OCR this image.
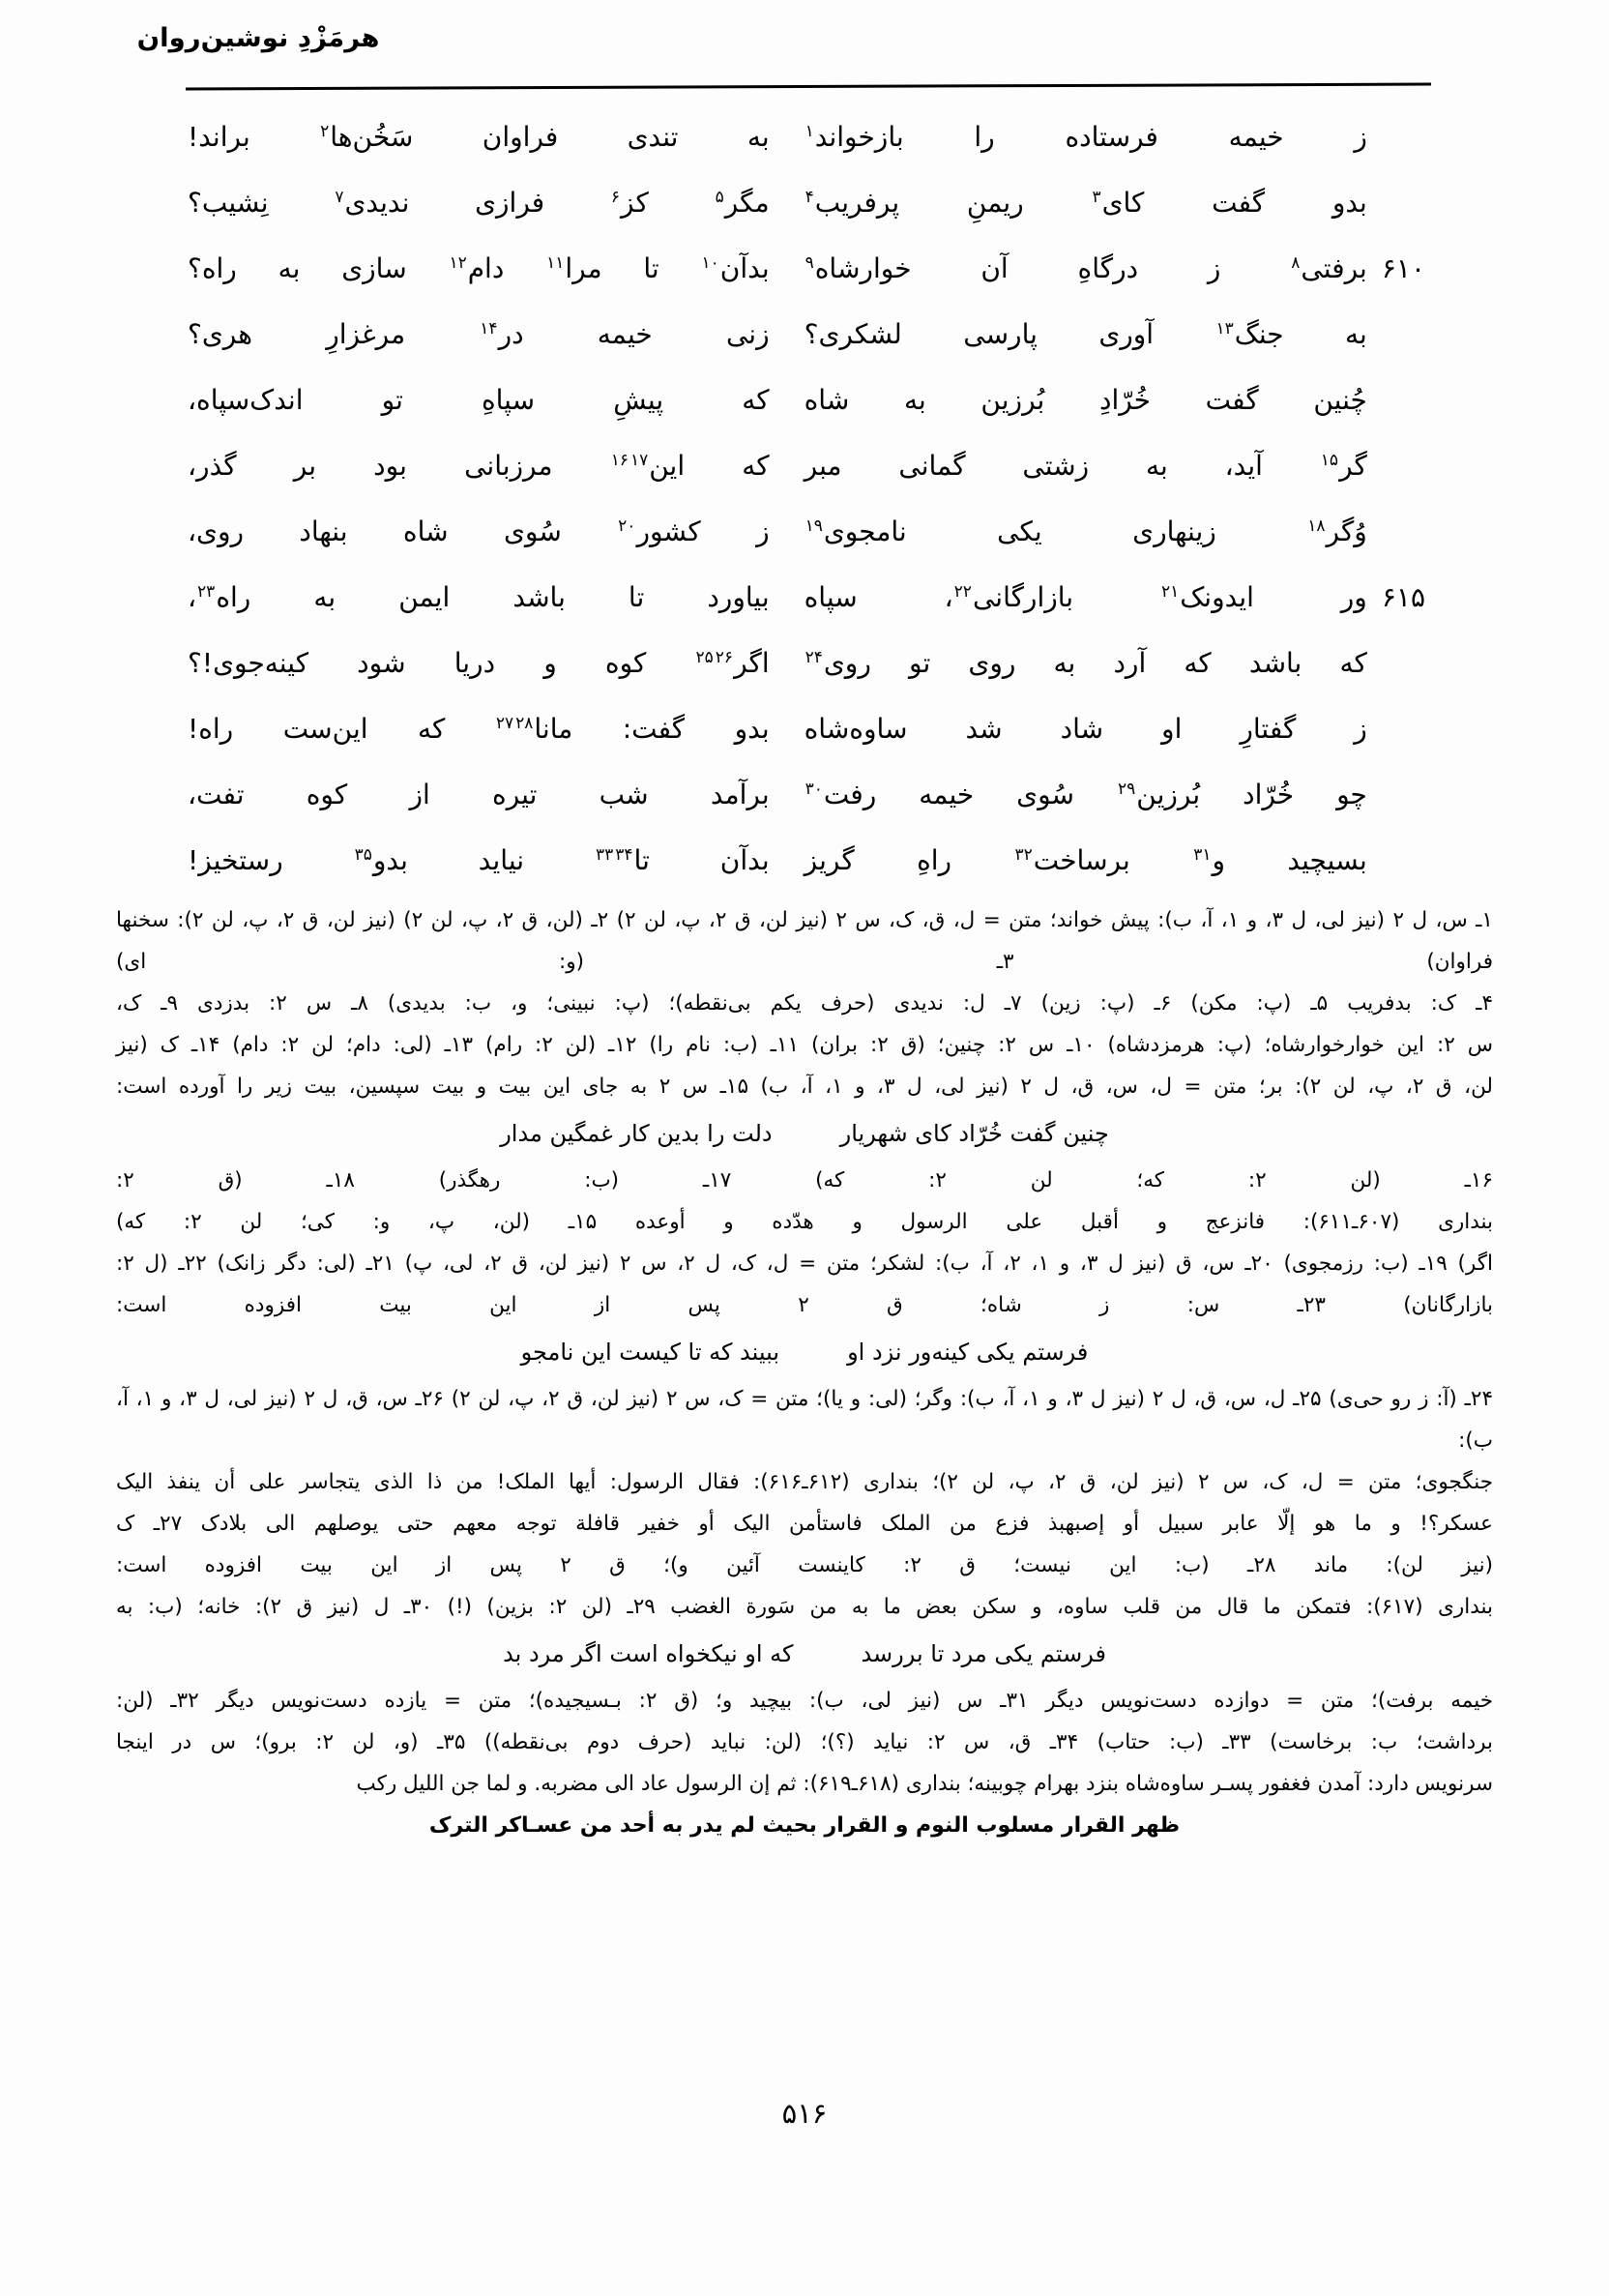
هرمَزْدِ نوشین‌روان
ز خیمه فرستاده را بازخواند$^۱$
به تندی فراوان سَخُن‌ها$^۲$ براند!
بدو گفت کای$^۳$ ریمنِ پرفریب$^۴$
مگر$^۵$ کز$^۶$ فرازی ندیدی$^۷$ نِشیب؟
۶۱۰
برفتی$^۸$ ز درگاهِ آن خوارشاه$^۹$
بدآن$^{۱۰}$ تا مرا$^{۱۱}$ دام$^{۱۲}$ سازی به راه؟
به جنگ$^{۱۳}$ آوری پارسی لشکری؟
زنی خیمه در$^{۱۴}$ مرغزارِ هری؟
چُنین گفت خُرّادِ بُرزین به شاه
که پیشِ سپاهِ تو اندک‌سپاه،
گر$^{۱۵}$ آید، به زشتی گمانی مبر
که این$^{۱۶}$ $^{۱۷}$ مرزبانی بود بر گذر،
وُگر$^{۱۸}$ زینهاری یکی نامجوی$^{۱۹}$
ز کشور$^{۲۰}$ سُوی شاه بنهاد روی،
۶۱۵
ور ایدونک$^{۲۱}$ بازارگانی$^{۲۲}$، سپاه
بیاورد تا باشد ایمن به راه$^{۲۳}$،
که باشد که آرد به روی تو روی$^{۲۴}$
اگر$^{۲۵}$ $^{۲۶}$ کوه و دریا شود کینه‌جوی!؟
ز گفتارِ او شاد شد ساوه‌شاه
بدو گفت: مانا$^{۲۷}$ $^{۲۸}$ که این‌ست راه!
چو خُرّاد بُرزین$^{۲۹}$ سُوی خیمه رفت$^{۳۰}$
برآمد شب تیره از کوه تفت،
بسیچید و$^{۳۱}$ برساخت$^{۳۲}$ راهِ گریز
بدآن تا$^{۳۳}$ $^{۳۴}$ نیاید بدو$^{۳۵}$ رستخیز!

۱ـ س، ل ۲ (نیز لی، ل ۳، و ۱، آ، ب): پیش خواند؛ متن = ل، ق، ک، س ۲ (نیز لن، ق ۲، پ، لن ۲) ۲ـ (لن، ق ۲، پ، لن ۲) (نیز لن، ق ۲، پ، لن ۲): سخنها فراوان) ۳ـ (و: ای)

۴ـ ک: بدفریب ۵ـ (پ: مکن) ۶ـ (پ: زین) ۷ـ ل: ندیدی (حرف یکم بی‌نقطه)؛ (پ: نبینی؛ و، ب: بدیدی) ۸ـ س ۲: بدزدی ۹ـ ک،

س ۲: این خوارخوارشاه؛ (پ: هرمزدشاه) ۱۰ـ س ۲: چنین؛ (ق ۲: بران) ۱۱ـ (ب: نام را) ۱۲ـ (لن ۲: رام) ۱۳ـ (لی: دام؛ لن ۲: دام) ۱۴ـ ک (نیز

لن، ق ۲، پ، لن ۲): بر؛ متن = ل، س، ق، ل ۲ (نیز لی، ل ۳، و ۱، آ، ب) ۱۵ـ س ۲ به جای این بیت و بیت سپسین، بیت زیر را آورده است:

چنین گفت خُرّاد کای شهریار
دلت را بدین کار غمگین مدار

۱۶ـ (لن ۲: که؛ لن ۲: که) ۱۷ـ (ب: رهگذر) ۱۸ـ (ق ۲:

بنداری (۶۰۷ـ۶۱۱): فانزعج و أقبل علی الرسول و هدّده و أوعده ۱۵ـ (لن، پ، و: کی؛ لن ۲: که)

اگر) ۱۹ـ (ب: رزمجوی) ۲۰ـ س، ق (نیز ل ۳، و ۱، ۲، آ، ب): لشکر؛ متن = ل، ک، ل ۲، س ۲ (نیز لن، ق ۲، لی، پ) ۲۱ـ (لی: دگر زانک) ۲۲ـ (ل ۲:

بازارگانان) ۲۳ـ س: ز شاه؛ ق ۲ پس از این بیت افزوده است:

فرستم یکی کینه‌ور نزد او
ببیند که تا کیست این نامجو

۲۴ـ (آ: ز رو حی‌ی) ۲۵ـ ل، س، ق، ل ۲ (نیز ل ۳، و ۱، آ، ب): وگر؛ (لی: و یا)؛ متن = ک، س ۲ (نیز لن، ق ۲، پ، لن ۲) ۲۶ـ س، ق، ل ۲ (نیز لی، ل ۳، و ۱، آ، ب):

جنگجوی؛ متن = ل، ک، س ۲ (نیز لن، ق ۲، پ، لن ۲)؛ بنداری (۶۱۲ـ۶۱۶): فقال الرسول: أیها الملک! من ذا الذی یتجاسر علی أن ینفذ الیک

عسکر؟! و ما هو إلّا عابر سبیل أو إصبهبذ فزع من الملک فاستأمن الیک أو خفیر قافلة توجه معهم حتی یوصلهم الی بلادک ۲۷ـ ک

(نیز لن): ماند ۲۸ـ (ب: این نیست؛ ق ۲: کاینست آئین و)؛ ق ۲ پس از این بیت افزوده است:

بنداری (۶۱۷): فتمکن ما قال من قلب ساوه، و سکن بعض ما به من سَورة الغضب ۲۹ـ (لن ۲: بزین) (!) ۳۰ـ ل (نیز ق ۲): خانه؛ (ب: به

فرستم یکی مرد تا بررسد
که او نیکخواه است اگر مرد بد

خیمه برفت)؛ متن = دوازده دست‌نویس دیگر ۳۱ـ س (نیز لی، ب): بیچید و؛ (ق ۲: بـسیجیده)؛ متن = یازده دست‌نویس دیگر ۳۲ـ (لن:

برداشت؛ ب: برخاست) ۳۳ـ (ب: حتاب) ۳۴ـ ق، س ۲: نیاید (؟)؛ (لن: نباید (حرف دوم بی‌نقطه)) ۳۵ـ (و، لن ۲: برو)؛ س در اینجا

سرنویس دارد: آمدن فغفور پسـر ساوه‌شاه بنزد بهرام چوبینه؛ بنداری (۶۱۸ـ۶۱۹): ثم إن الرسول عاد الی مضربه. و لما جن اللیل رکب

ظهر القرار مسلوب النوم و القرار بحیث لم یدر به أحد من عسـاکر الترک

۵۱۶
